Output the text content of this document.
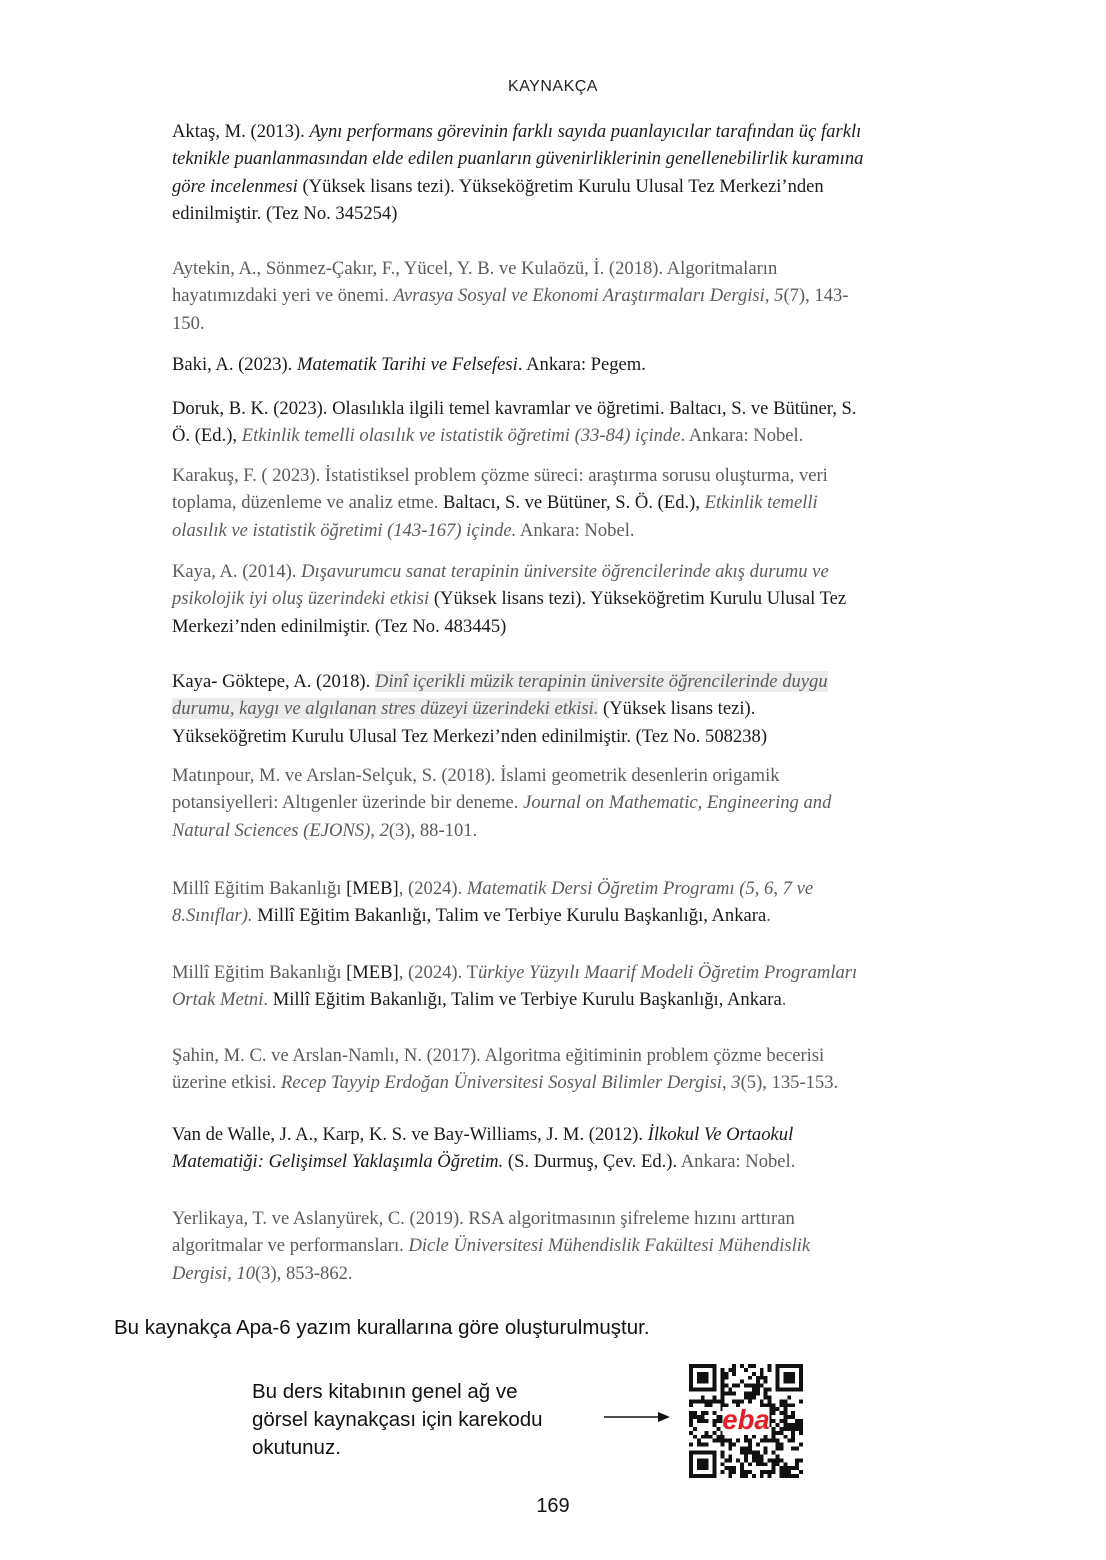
KAYNAKÇA
Aktaş, M. (2013). Aynı performans görevinin farklı sayıda puanlayıcılar tarafından üç farklı
teknikle puanlanmasından elde edilen puanların güvenirliklerinin genellenebilirlik kuramına
göre incelenmesi (Yüksek lisans tezi). Yükseköğretim Kurulu Ulusal Tez Merkezi’nden
edinilmiştir. (Tez No. 345254)
Aytekin, A., Sönmez-Çakır, F., Yücel, Y. B. ve Kulaözü, İ. (2018). Algoritmaların
hayatımızdaki yeri ve önemi. Avrasya Sosyal ve Ekonomi Araştırmaları Dergisi, 5(7), 143-
150.
Baki, A. (2023). Matematik Tarihi ve Felsefesi. Ankara: Pegem.
Doruk, B. K. (2023). Olasılıkla ilgili temel kavramlar ve öğretimi. Baltacı, S. ve Bütüner, S.
Ö. (Ed.), Etkinlik temelli olasılık ve istatistik öğretimi (33-84) içinde. Ankara: Nobel.
Karakuş, F. ( 2023). İstatistiksel problem çözme süreci: araştırma sorusu oluşturma, veri
toplama, düzenleme ve analiz etme. Baltacı, S. ve Bütüner, S. Ö. (Ed.), Etkinlik temelli
olasılık ve istatistik öğretimi (143-167) içinde. Ankara: Nobel.
Kaya, A. (2014). Dışavurumcu sanat terapinin üniversite öğrencilerinde akış durumu ve
psikolojik iyi oluş üzerindeki etkisi (Yüksek lisans tezi). Yükseköğretim Kurulu Ulusal Tez
Merkezi’nden edinilmiştir. (Tez No. 483445)
Kaya- Göktepe, A. (2018). Dinî içerikli müzik terapinin üniversite öğrencilerinde duygu
durumu, kaygı ve algılanan stres düzeyi üzerindeki etkisi. (Yüksek lisans tezi).
Yükseköğretim Kurulu Ulusal Tez Merkezi’nden edinilmiştir. (Tez No. 508238)
Matınpour, M. ve Arslan-Selçuk, S. (2018). İslami geometrik desenlerin origamik
potansiyelleri: Altıgenler üzerinde bir deneme. Journal on Mathematic, Engineering and
Natural Sciences (EJONS), 2(3), 88-101.
Millî Eğitim Bakanlığı [MEB], (2024). Matematik Dersi Öğretim Programı (5, 6, 7 ve
8.Sınıflar). Millî Eğitim Bakanlığı, Talim ve Terbiye Kurulu Başkanlığı, Ankara.
Millî Eğitim Bakanlığı [MEB], (2024). Türkiye Yüzyılı Maarif Modeli Öğretim Programları
Ortak Metni. Millî Eğitim Bakanlığı, Talim ve Terbiye Kurulu Başkanlığı, Ankara.
Şahin, M. C. ve Arslan-Namlı, N. (2017). Algoritma eğitiminin problem çözme becerisi
üzerine etkisi. Recep Tayyip Erdoğan Üniversitesi Sosyal Bilimler Dergisi, 3(5), 135-153.
Van de Walle, J. A., Karp, K. S. ve Bay-Williams, J. M. (2012). İlkokul Ve Ortaokul
Matematiği: Gelişimsel Yaklaşımla Öğretim. (S. Durmuş, Çev. Ed.). Ankara: Nobel.
Yerlikaya, T. ve Aslanyürek, C. (2019). RSA algoritmasının şifreleme hızını arttıran
algoritmalar ve performansları. Dicle Üniversitesi Mühendislik Fakültesi Mühendislik
Dergisi, 10(3), 853-862.
Bu kaynakça Apa-6 yazım kurallarına göre oluşturulmuştur.
Bu ders kitabının genel ağ ve
görsel kaynakçası için karekodu
okutunuz.
eba
169
